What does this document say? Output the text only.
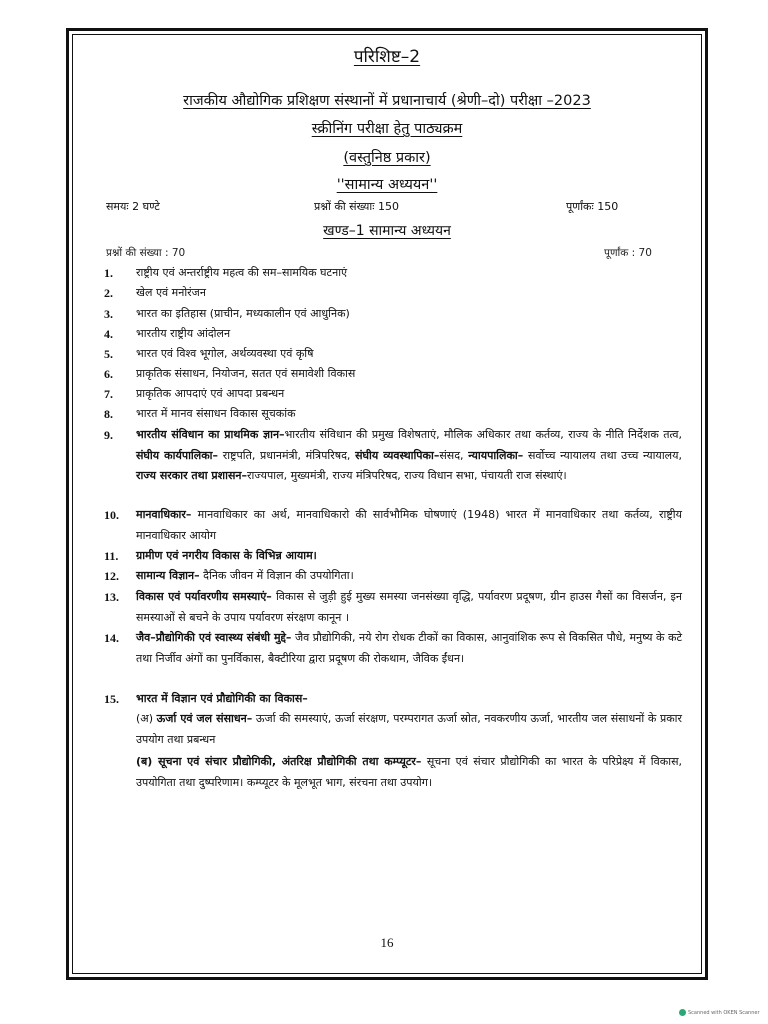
परिशिष्ट–2
राजकीय औद्योगिक प्रशिक्षण संस्थानों में प्रधानाचार्य (श्रेणी–दो) परीक्षा –2023
स्क्रीनिंग परीक्षा हेतु पाठ्यक्रम
(वस्तुनिष्ठ प्रकार)
''सामान्य अध्ययन''
समयः 2 घण्टे	प्रश्नों की संख्याः 150	पूर्णांकः 150
खण्ड–1 सामान्य अध्ययन
प्रश्नों की संख्या : 70	पूर्णांक : 70
1.	राष्ट्रीय एवं अन्तर्राष्ट्रीय महत्व की सम–सामयिक घटनाएं
2.	खेल एवं मनोरंजन
3.	भारत का इतिहास (प्राचीन, मध्यकालीन एवं आधुनिक)
4.	भारतीय राष्ट्रीय आंदोलन
5.	भारत एवं विश्व भूगोल, अर्थव्यवस्था एवं कृषि
6.	प्राकृतिक संसाधन, नियोजन, सतत एवं समावेशी विकास
7.	प्राकृतिक आपदाएं एवं आपदा प्रबन्धन
8.	भारत में मानव संसाधन विकास सूचकांक
9.	भारतीय संविधान का प्राथमिक ज्ञान–भारतीय संविधान की प्रमुख विशेषताएं, मौलिक अधिकार तथा कर्तव्य, राज्य के नीति निर्देशक तत्व, संघीय कार्यपालिका– राष्ट्रपति, प्रधानमंत्री, मंत्रिपरिषद, संघीय व्यवस्थापिका–संसद, न्यायपालिका– सर्वोच्च न्यायालय तथा उच्च न्यायालय, राज्य सरकार तथा प्रशासन–राज्यपाल, मुख्यमंत्री, राज्य मंत्रिपरिषद, राज्य विधान सभा, पंचायती राज संस्थाएं।
10.	मानवाधिकार– मानवाधिकार का अर्थ, मानवाधिकारो की सार्वभौमिक घोषणाएं (1948) भारत में मानवाधिकार तथा कर्तव्य, राष्ट्रीय मानवाधिकार आयोग
11.	ग्रामीण एवं नगरीय विकास के विभिन्न आयाम।
12.	सामान्य विज्ञान– दैनिक जीवन में विज्ञान की उपयोगिता।
13.	विकास एवं पर्यावरणीय समस्याएं– विकास से जुड़ी हुई मुख्य समस्या जनसंख्या वृद्धि, पर्यावरण प्रदूषण, ग्रीन हाउस गैसों का विसर्जन, इन समस्याओं से बचने के उपाय पर्यावरण संरक्षण कानून ।
14.	जैव–प्रौद्योगिकी एवं स्वास्थ्य संबंधी मुद्दे– जैव प्रौद्योगिकी, नये रोग रोधक टीकों का विकास, आनुवांशिक रूप से विकसित पौधे, मनुष्य के कटे तथा निर्जीव अंगों का पुनर्विकास, बैक्टीरिया द्वारा प्रदूषण की रोकथाम, जैविक ईंधन।
15.	भारत में विज्ञान एवं प्रौद्योगिकी का विकास–
(अ) ऊर्जा एवं जल संसाधन– ऊर्जा की समस्याएं, ऊर्जा संरक्षण, परम्परागत ऊर्जा स्रोत, नवकरणीय ऊर्जा, भारतीय जल संसाधनों के प्रकार उपयोग तथा प्रबन्धन
(ब) सूचना एवं संचार प्रौद्योगिकी, अंतरिक्ष प्रौद्योगिकी तथा कम्प्यूटर– सूचना एवं संचार प्रौद्योगिकी का भारत के परिप्रेक्ष्य में विकास, उपयोगिता तथा दुष्परिणाम। कम्प्यूटर के मूलभूत भाग, संरचना तथा उपयोग।
16
Scanned with OKEN Scanner
